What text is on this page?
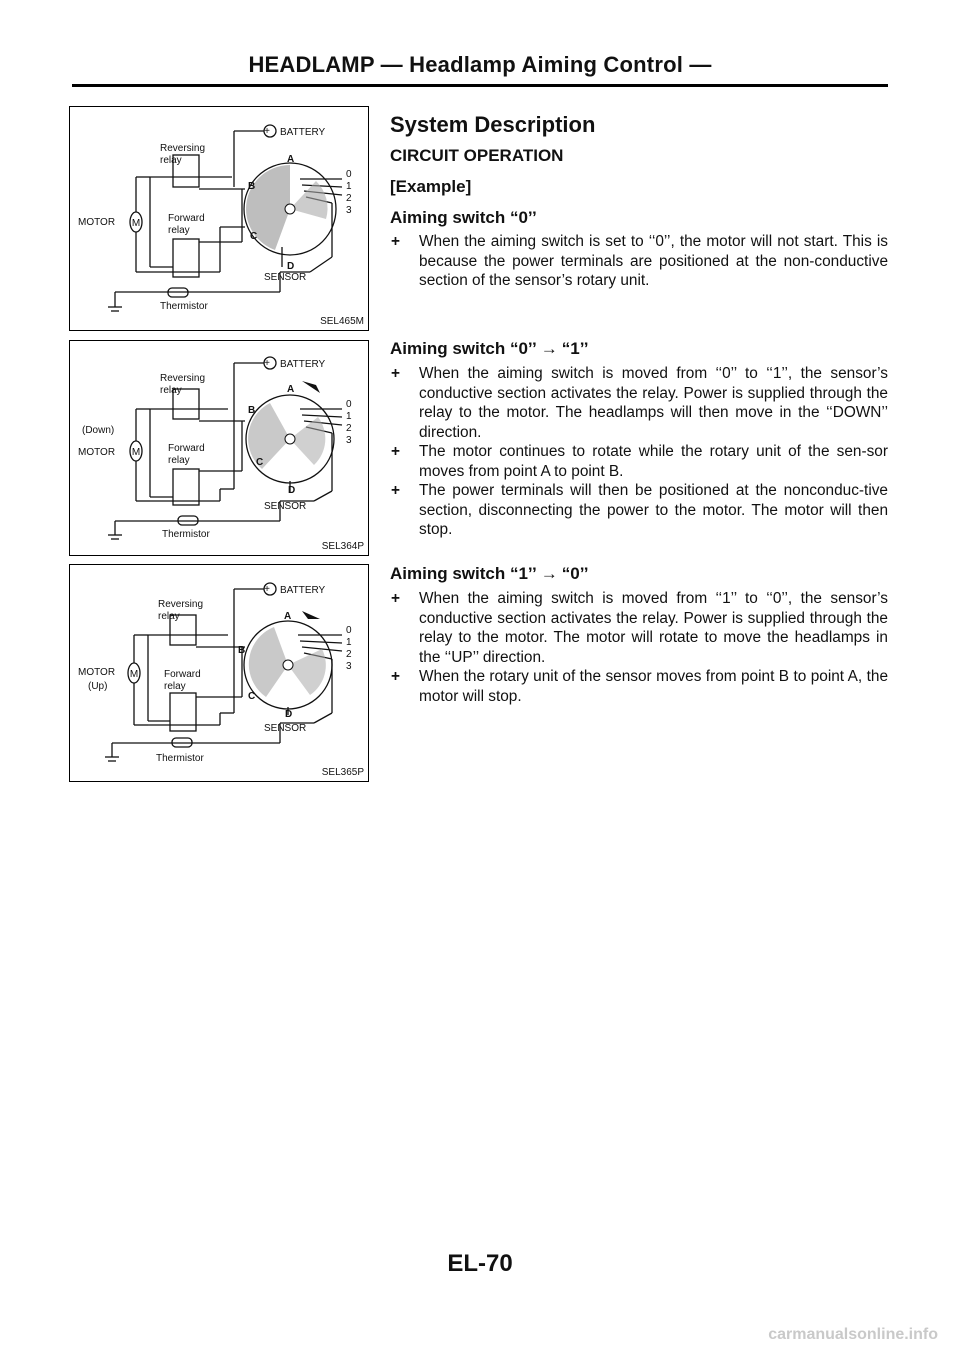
HEADLAMP — Headlamp Aiming Control —
+ BATTERY
Reversing
relay
Forward
relay
MOTOR M
SENSOR
Thermistor
A
B
C
D
0
1
2
3
SEL465M
+ BATTERY
Reversing
relay
Forward
relay
(Down)
MOTOR M
SENSOR
Thermistor
A
B
C
D
0
1
2
3
SEL364P
+ BATTERY
Reversing
relay
Forward
relay
MOTOR M
(Up)
SENSOR
Thermistor
A
B
C
D
0
1
2
3
SEL365P
System Description
CIRCUIT OPERATION
[Example]
Aiming switch “0’’
+ When the aiming switch is set to ‘‘0’’, the motor will not start. This is because the power terminals are positioned at the non-conductive section of the sensor’s rotary unit.
Aiming switch “0’’ → “1’’
+ When the aiming switch is moved from ‘‘0’’ to ‘‘1’’, the sensor’s conductive section activates the relay. Power is supplied through the relay to the motor. The headlamps will then move in the ‘‘DOWN’’ direction.
+ The motor continues to rotate while the rotary unit of the sen-sor moves from point A to point B.
+ The power terminals will then be positioned at the nonconduc-tive section, disconnecting the power to the motor. The motor will then stop.
Aiming switch “1’’ → “0’’
+ When the aiming switch is moved from ‘‘1’’ to ‘‘0’’, the sensor’s conductive section activates the relay. Power is supplied through the relay to the motor. The motor will rotate to move the headlamps in the ‘‘UP’’ direction.
+ When the rotary unit of the sensor moves from point B to point A, the motor will stop.
EL-70
carmanualsonline.info
